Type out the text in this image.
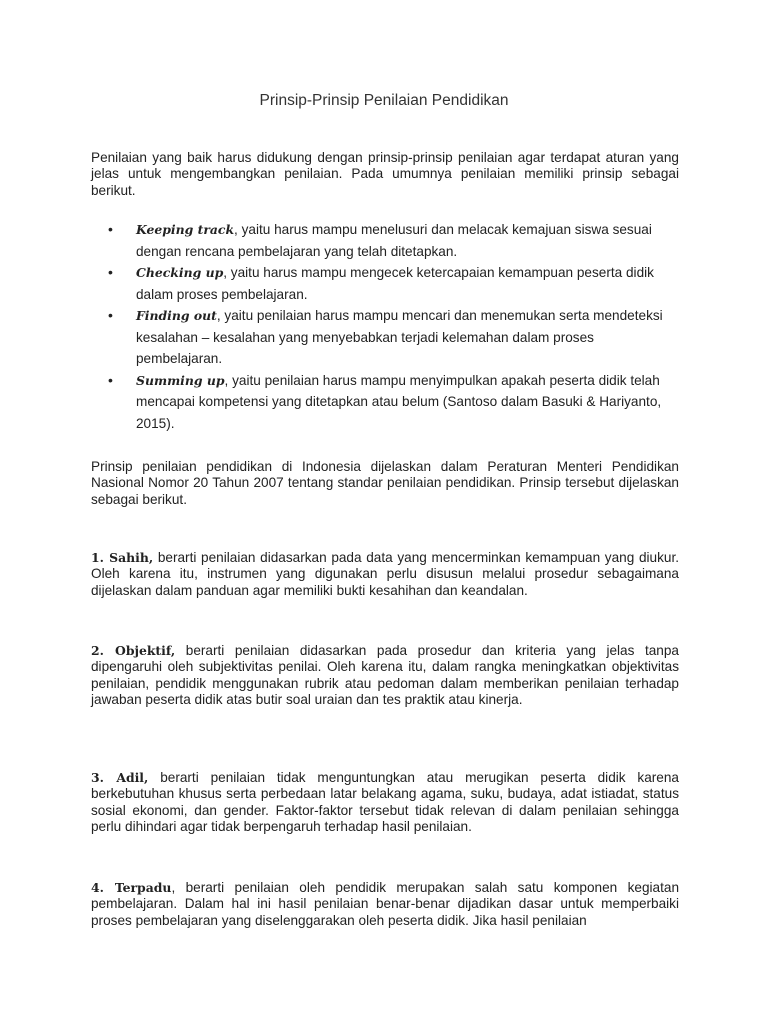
Prinsip-Prinsip Penilaian Pendidikan

Penilaian yang baik harus didukung dengan prinsip-prinsip penilaian agar terdapat aturan yang jelas untuk mengembangkan penilaian. Pada umumnya penilaian memiliki prinsip sebagai berikut.

• Keeping track, yaitu harus mampu menelusuri dan melacak kemajuan siswa sesuai dengan rencana pembelajaran yang telah ditetapkan.
• Checking up, yaitu harus mampu mengecek ketercapaian kemampuan peserta didik dalam proses pembelajaran.
• Finding out, yaitu penilaian harus mampu mencari dan menemukan serta mendeteksi kesalahan – kesalahan yang menyebabkan terjadi kelemahan dalam proses pembelajaran.
• Summing up, yaitu penilaian harus mampu menyimpulkan apakah peserta didik telah mencapai kompetensi yang ditetapkan atau belum (Santoso dalam Basuki & Hariyanto, 2015).

Prinsip penilaian pendidikan di Indonesia dijelaskan dalam Peraturan Menteri Pendidikan Nasional Nomor 20 Tahun 2007 tentang standar penilaian pendidikan. Prinsip tersebut dijelaskan sebagai berikut.

1. Sahih, berarti penilaian didasarkan pada data yang mencerminkan kemampuan yang diukur. Oleh karena itu, instrumen yang digunakan perlu disusun melalui prosedur sebagaimana dijelaskan dalam panduan agar memiliki bukti kesahihan dan keandalan.

2. Objektif, berarti penilaian didasarkan pada prosedur dan kriteria yang jelas tanpa dipengaruhi oleh subjektivitas penilai. Oleh karena itu, dalam rangka meningkatkan objektivitas penilaian, pendidik menggunakan rubrik atau pedoman dalam memberikan penilaian terhadap jawaban peserta didik atas butir soal uraian dan tes praktik atau kinerja.

3. Adil, berarti penilaian tidak menguntungkan atau merugikan peserta didik karena berkebutuhan khusus serta perbedaan latar belakang agama, suku, budaya, adat istiadat, status sosial ekonomi, dan gender. Faktor-faktor tersebut tidak relevan di dalam penilaian sehingga perlu dihindari agar tidak berpengaruh terhadap hasil penilaian.

4. Terpadu, berarti penilaian oleh pendidik merupakan salah satu komponen kegiatan pembelajaran. Dalam hal ini hasil penilaian benar-benar dijadikan dasar untuk memperbaiki proses pembelajaran yang diselenggarakan oleh peserta didik. Jika hasil penilaian
